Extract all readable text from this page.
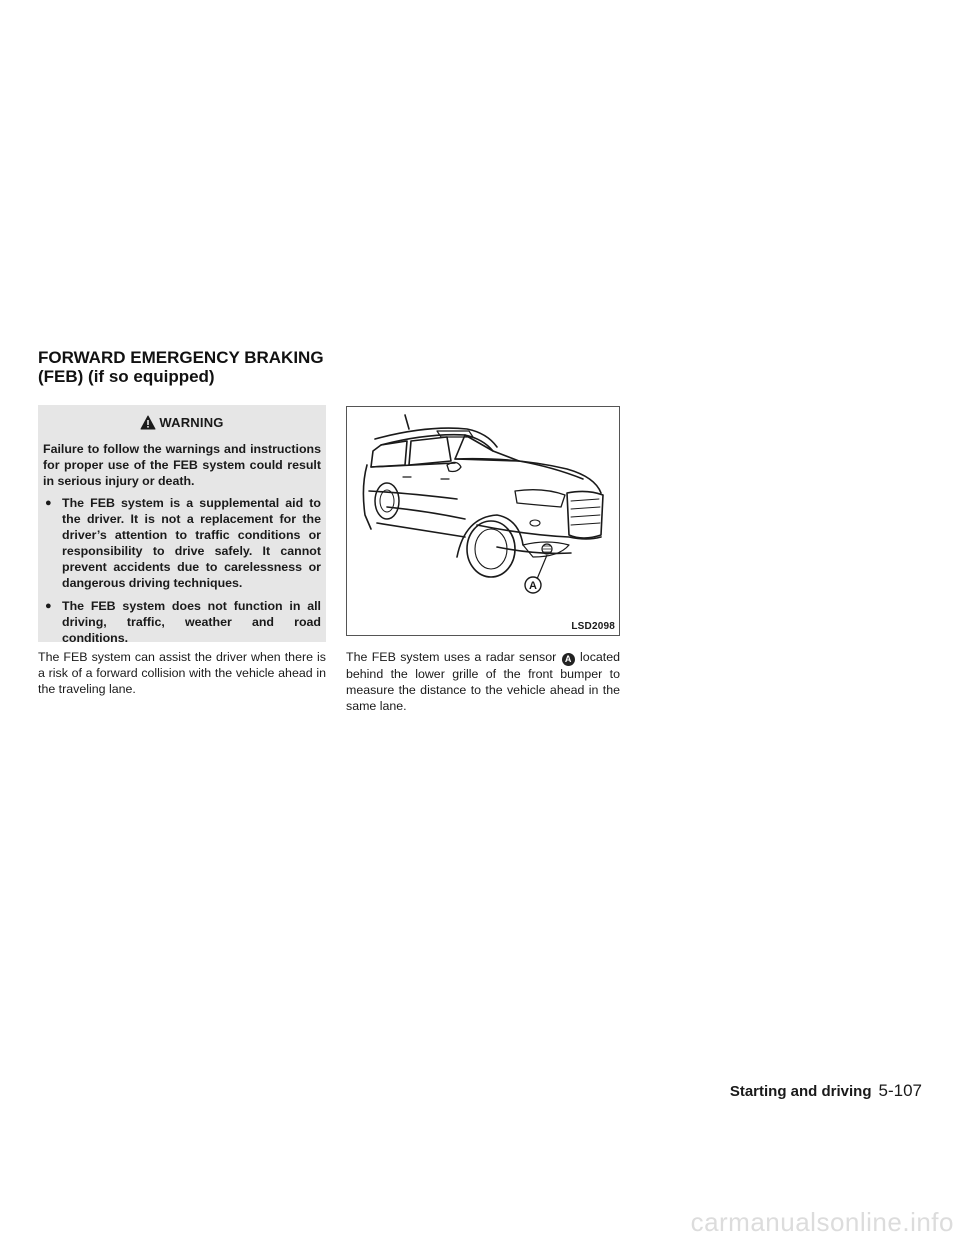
FORWARD EMERGENCY BRAKING
(FEB) (if so equipped)
WARNING

Failure to follow the warnings and instructions for proper use of the FEB system could result in serious injury or death.

● The FEB system is a supplemental aid to the driver. It is not a replacement for the driver’s attention to traffic conditions or responsibility to drive safely. It cannot prevent accidents due to carelessness or dangerous driving techniques.
● The FEB system does not function in all driving, traffic, weather and road conditions.

The FEB system can assist the driver when there is a risk of a forward collision with the vehicle ahead in the traveling lane.

A
LSD2098

The FEB system uses a radar sensor A located behind the lower grille of the front bumper to measure the distance to the vehicle ahead in the same lane.

Starting and driving 5-107
carmanualsonline.info
